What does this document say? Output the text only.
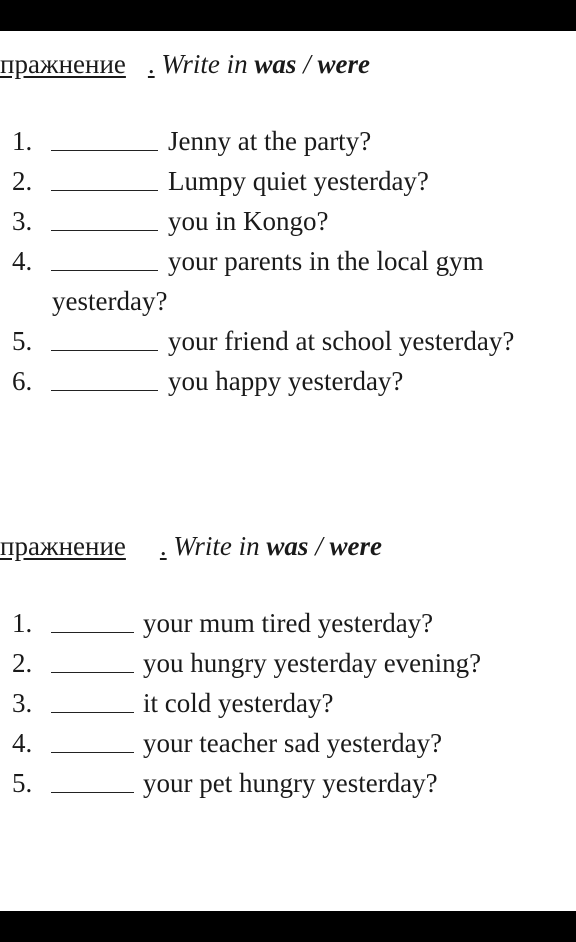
пражнение . Write in was / were
1.	Jenny at the party?
2.	Lumpy quiet yesterday?
3.	you in Kongo?
4.	your parents in the local gym
yesterday?
5.	your friend at school yesterday?
6.	you happy yesterday?
пражнение . Write in was / were
1.	your mum tired yesterday?
2.	you hungry yesterday evening?
3.	it cold yesterday?
4.	your teacher sad yesterday?
5.	your pet hungry yesterday?
